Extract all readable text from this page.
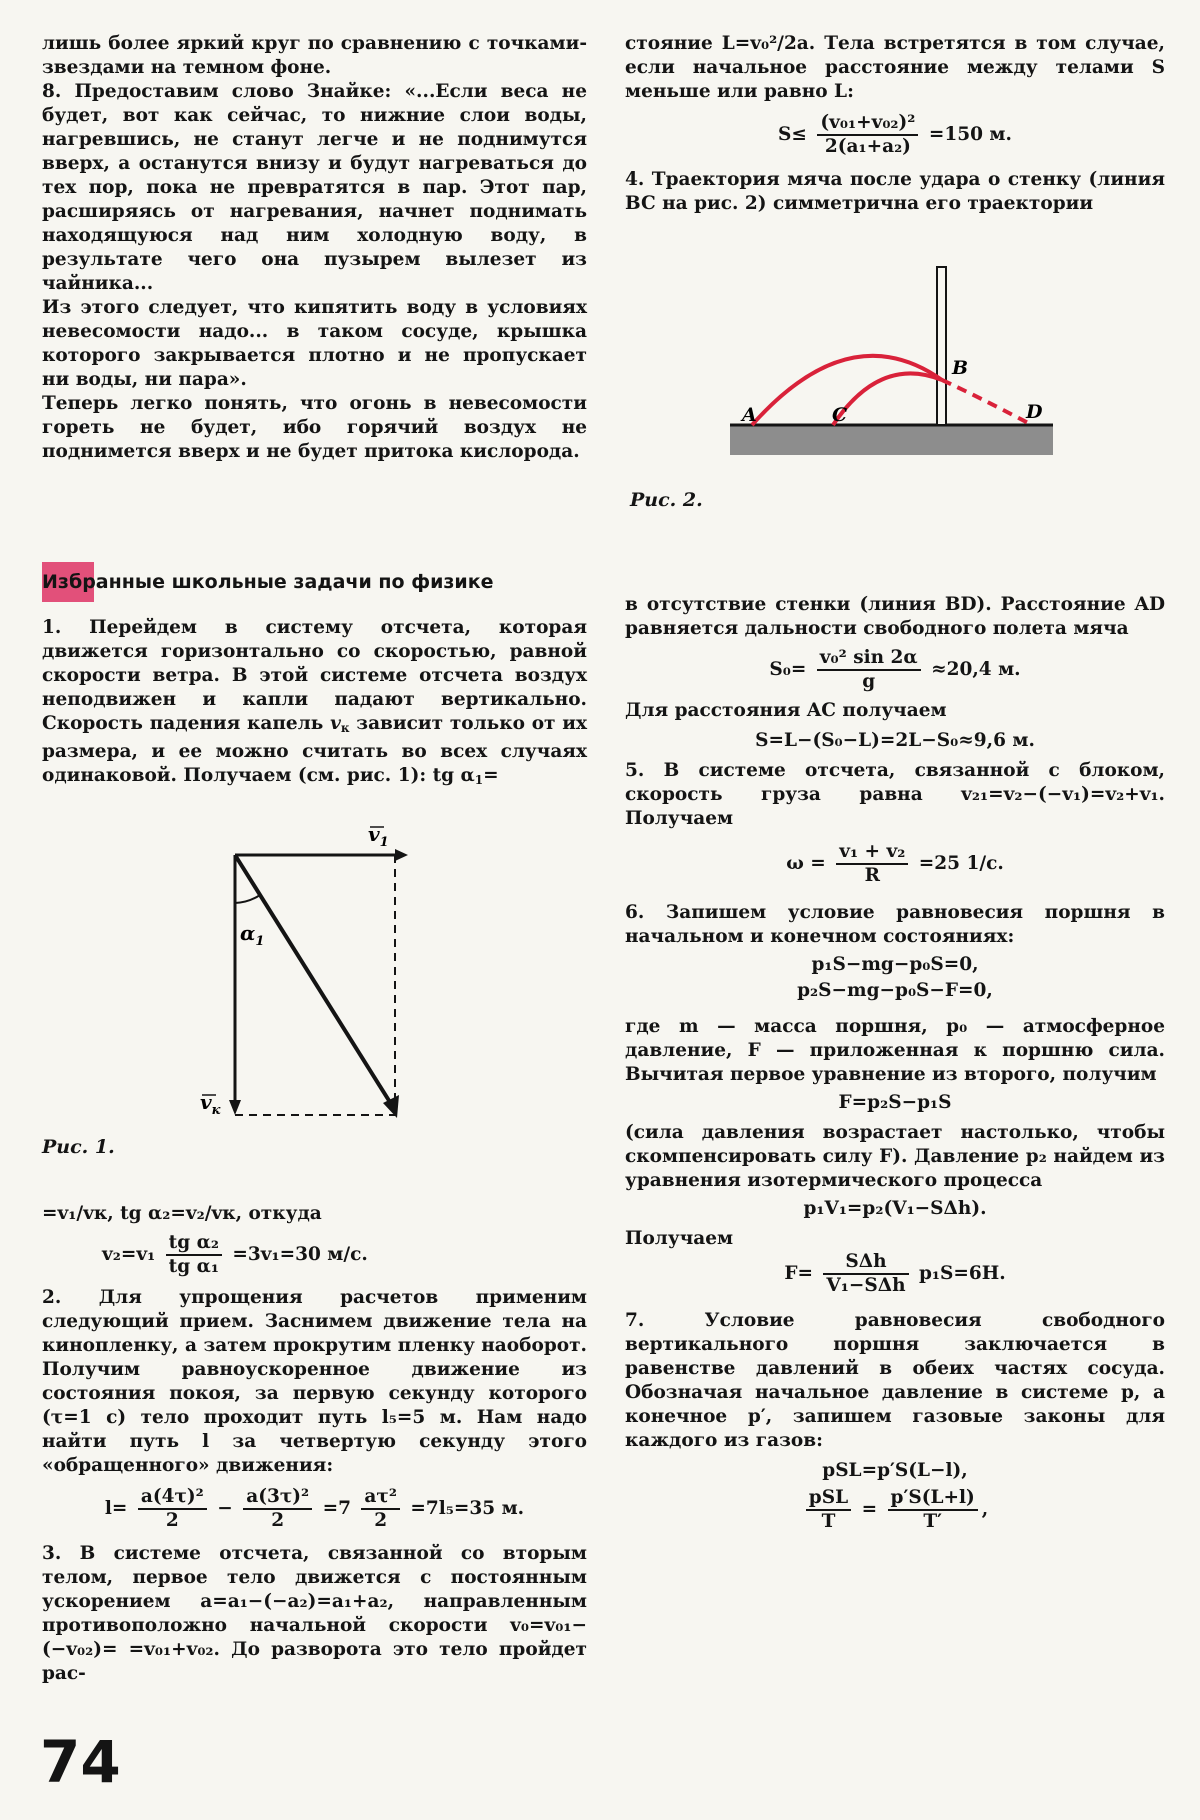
лишь более яркий круг по сравнению с точками-звездами на темном фоне.

8. Предоставим слово Знайке: «...Если веса не будет, вот как сейчас, то нижние слои воды, нагревшись, не станут легче и не поднимутся вверх, а останутся внизу и будут нагреваться до тех пор, пока не превратятся в пар. Этот пар, расширяясь от нагревания, начнет поднимать находящуюся над ним холодную воду, в результате чего она пузырем вылезет из чайника...

Из этого следует, что кипятить воду в условиях невесомости надо... в таком сосуде, крышка которого закрывается плотно и не пропускает ни воды, ни пара».

Теперь легко понять, что огонь в невесомости гореть не будет, ибо горячий воздух не поднимется вверх и не будет притока кислорода.

Избранные школьные задачи по физике

1. Перейдем в систему отсчета, которая движется горизонтально со скоростью, равной скорости ветра. В этой системе отсчета воздух неподвижен и капли падают вертикально. Скорость падения капель $v_к$ зависит только от их размера, и ее можно считать во всех случаях одинаковой. Получаем (см. рис. 1): tg $\alpha_1=$

$v_1$
$\alpha_1$
$v_к$
Рис. 1.

=v₁/vк, tg α₂=v₂/vк, откуда

$v_2=v_1 \frac{\text{tg α₂}}{\text{tg α₁}} =3v_1=30$ м/с.

2. Для упрощения расчетов применим следующий прием. Заснимем движение тела на кинопленку, а затем прокрутим пленку наоборот. Получим равноускоренное движение из состояния покоя, за первую секунду которого (τ=1 с) тело проходит путь l₅=5 м. Нам надо найти путь l за четвертую секунду этого «обращенного» движения:

$l= \frac{\text{a(4τ)²}}{2} - \frac{\text{a(3τ)²}}{2} =7 \frac{\text{aτ²}}{2} =7l_5=35$ м.

3. В системе отсчета, связанной со вторым телом, первое тело движется с постоянным ускорением a=a₁−(−a₂)=a₁+a₂, направленным противоположно начальной скорости v₀=v₀₁−(−v₀₂)= =v₀₁+v₀₂. До разворота это тело пройдет рас-

стояние L=v₀²/2a. Тела встретятся в том случае, если начальное расстояние между телами S меньше или равно L:

$S\le \frac{\text{(v₀₁+v₀₂)²}}{\text{2(a₁+a₂)}} =150$ м.

4. Траектория мяча после удара о стенку (линия BC на рис. 2) симметрична его траектории

A
B
C	D
Рис. 2.

в отсутствие стенки (линия BD). Расстояние AD равняется дальности свободного полета мяча

$S_0= \frac{\text{v₀² sin 2α}}{g} \approx 20,4$ м.

Для расстояния AC получаем

S=L−(S₀−L)=2L−S₀≈9,6 м.

5. В системе отсчета, связанной с блоком, скорость груза равна v₂₁=v₂−(−v₁)=v₂+v₁. Получаем

$\omega = \frac{\text{v₁ + v₂}}{R} =25$ 1/с.

6. Запишем условие равновесия поршня в начальном и конечном состояниях:

p₁S−mg−p₀S=0,
p₂S−mg−p₀S−F=0,

где m — масса поршня, p₀ — атмосферное давление, F — приложенная к поршню сила. Вычитая первое уравнение из второго, получим

F=p₂S−p₁S

(сила давления возрастает настолько, чтобы скомпенсировать силу F). Давление p₂ найдем из уравнения изотермического процесса

p₁V₁=p₂(V₁−SΔh).

Получаем

$F= \frac{\text{SΔh}}{\text{V₁−SΔh}} p_1S=6Н$.

7. Условие равновесия свободного вертикального поршня заключается в равенстве давлений в обеих частях сосуда. Обозначая начальное давление в системе p, а конечное p′, запишем газовые законы для каждого из газов:

pSL=p′S(L−l),
$\frac{\text{pSL}}{T} = \frac{p'S(L+l)}{T'}$ ,
74
